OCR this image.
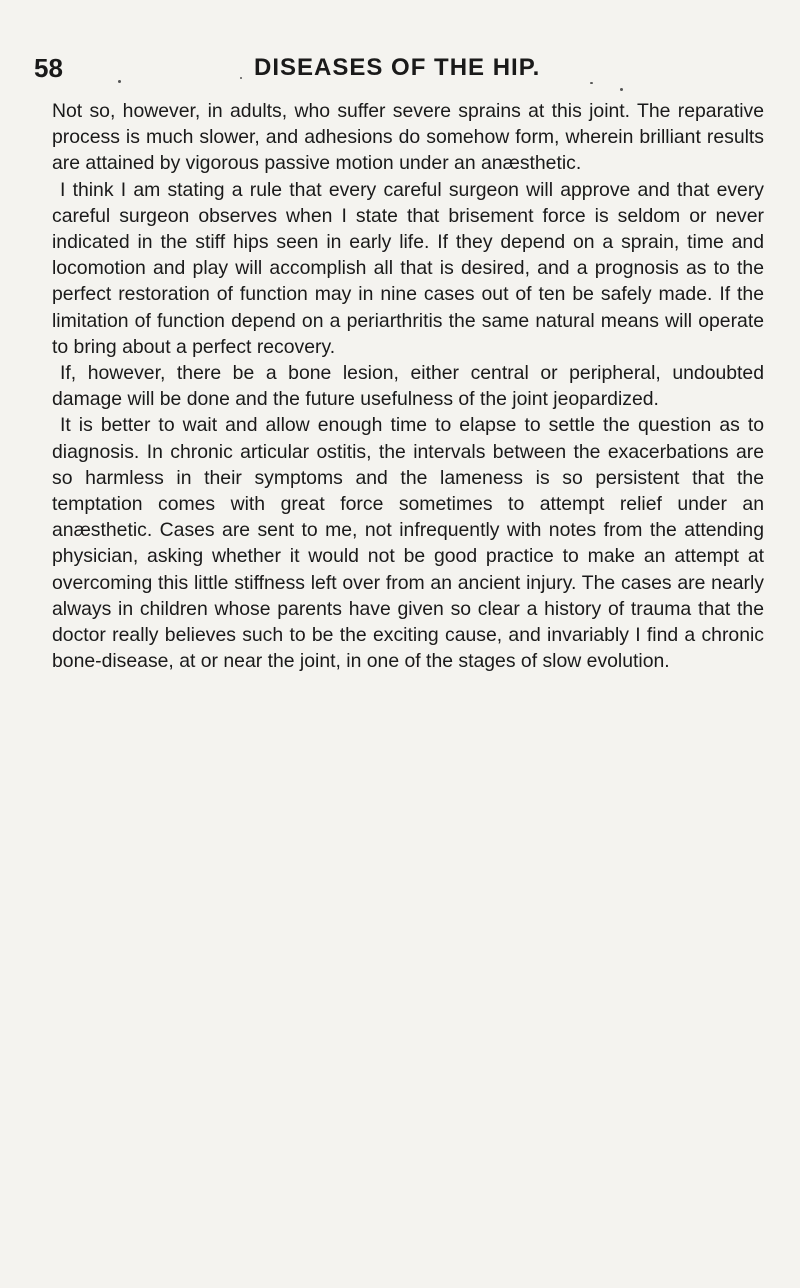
58	DISEASES OF THE HIP.

Not so, however, in adults, who suffer severe sprains at this joint. The reparative process is much slower, and adhesions do somehow form, wherein brilliant results are attained by vigorous passive motion under an anæsthetic.

I think I am stating a rule that every careful surgeon will approve and that every careful surgeon observes when I state that brisement force is seldom or never indicated in the stiff hips seen in early life. If they depend on a sprain, time and locomotion and play will accomplish all that is desired, and a prognosis as to the perfect restoration of function may in nine cases out of ten be safely made. If the limitation of function depend on a periarthritis the same natural means will operate to bring about a perfect recovery.

If, however, there be a bone lesion, either central or peripheral, undoubted damage will be done and the future usefulness of the joint jeopardized.

It is better to wait and allow enough time to elapse to settle the question as to diagnosis. In chronic articular ostitis, the intervals between the exacerbations are so harmless in their symptoms and the lameness is so persistent that the temptation comes with great force sometimes to attempt relief under an anæsthetic. Cases are sent to me, not infrequently with notes from the attending physician, asking whether it would not be good practice to make an attempt at overcoming this little stiffness left over from an ancient injury. The cases are nearly always in children whose parents have given so clear a history of trauma that the doctor really believes such to be the exciting cause, and invariably I find a chronic bone-disease, at or near the joint, in one of the stages of slow evolution.
